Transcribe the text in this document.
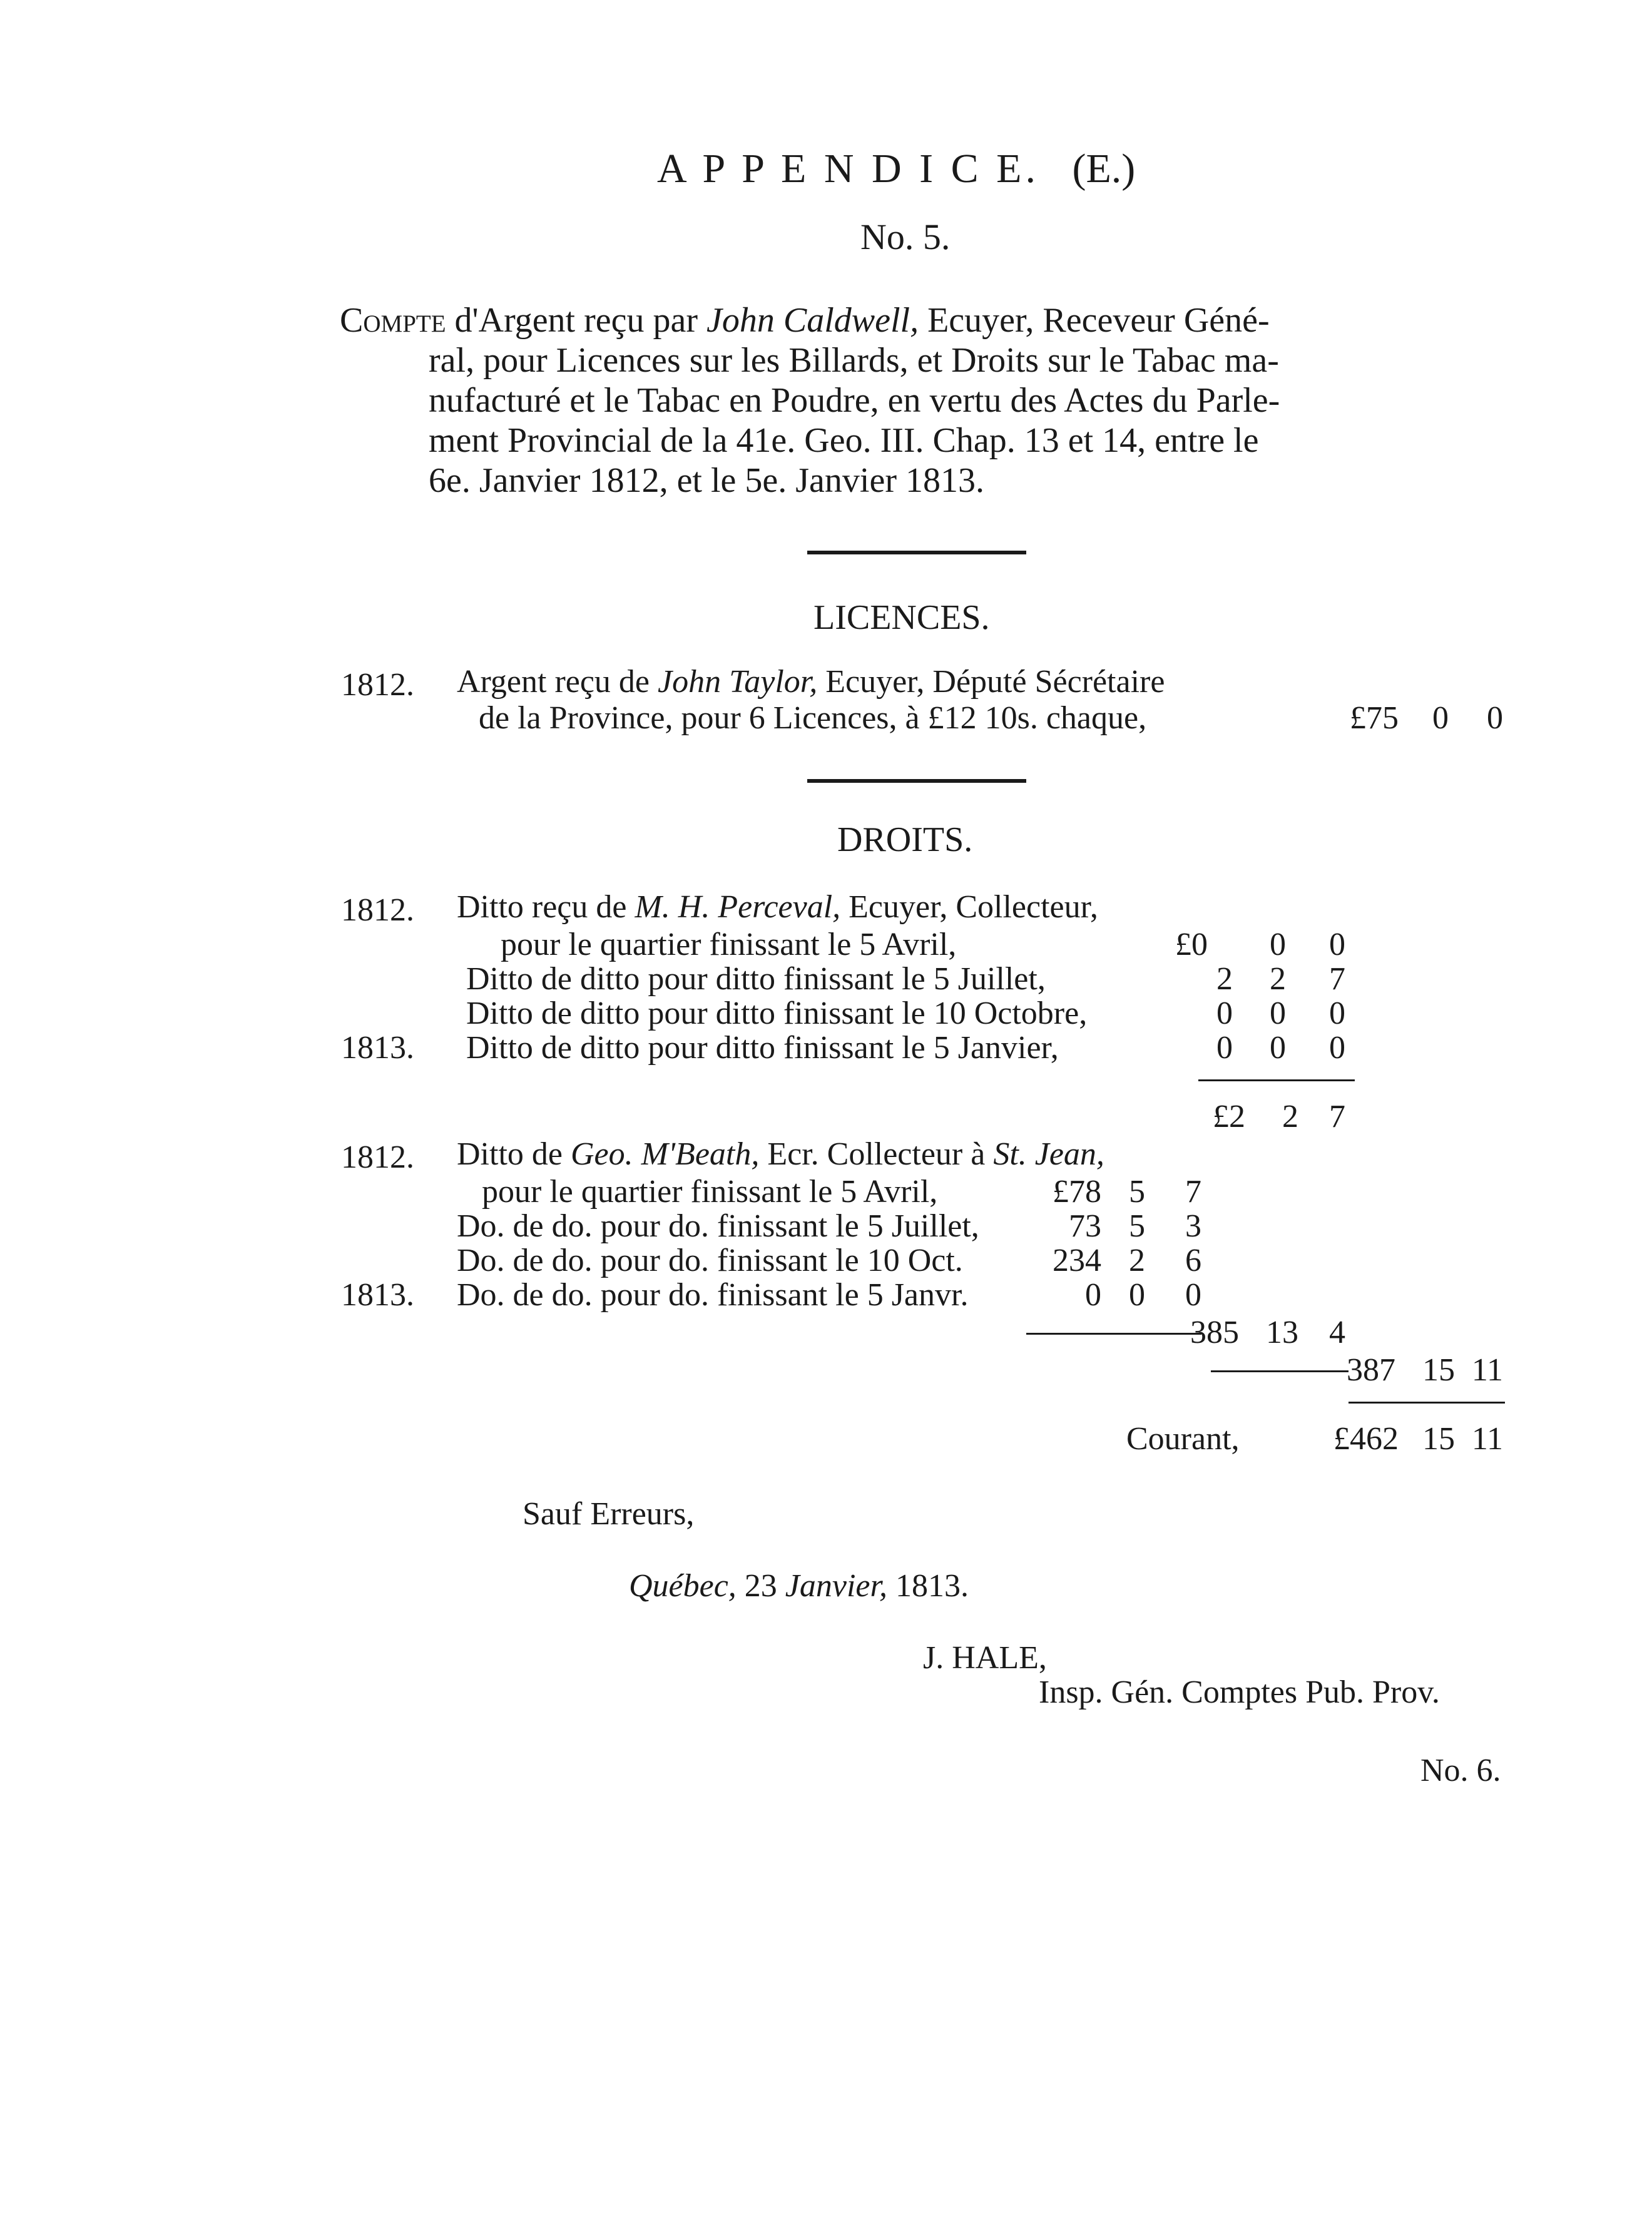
A P P E N D I C E. (E.)
No. 5.
Compte d'Argent reçu par John Caldwell, Ecuyer, Receveur Géné-
ral, pour Licences sur les Billards, et Droits sur le Tabac ma-
nufacturé et le Tabac en Poudre, en vertu des Actes du Parle-
ment Provincial de la 41e. Geo. III. Chap. 13 et 14, entre le
6e. Janvier 1812, et le 5e. Janvier 1813.
LICENCES.
1812. Argent reçu de John Taylor, Ecuyer, Député Sécrétaire
de la Province, pour 6 Licences, à £12 10s. chaque,	£75 0 0
DROITS.
1812. Ditto reçu de M. H. Perceval, Ecuyer, Collecteur,
pour le quartier finissant le 5 Avril,	£0 0 0
Ditto de ditto pour ditto finissant le 5 Juillet,	2 2 7
Ditto de ditto pour ditto finissant le 10 Octobre,	0 0 0
1813. Ditto de ditto pour ditto finissant le 5 Janvier,	0 0 0
£2 2 7
1812. Ditto de Geo. M'Beath, Ecr. Collecteur à St. Jean,
pour le quartier finissant le 5 Avril,	£78 5 7
Do. de do. pour do. finissant le 5 Juillet,	73 5 3
Do. de do. pour do. finissant le 10 Oct.	234 2 6
1813. Do. de do. pour do. finissant le 5 Janvr.	0 0 0
385 13 4
387 15 11
Courant,	£462 15 11
Sauf Erreurs,
Québec, 23 Janvier, 1813.
J. HALE,
Insp. Gén. Comptes Pub. Prov.
No. 6.
